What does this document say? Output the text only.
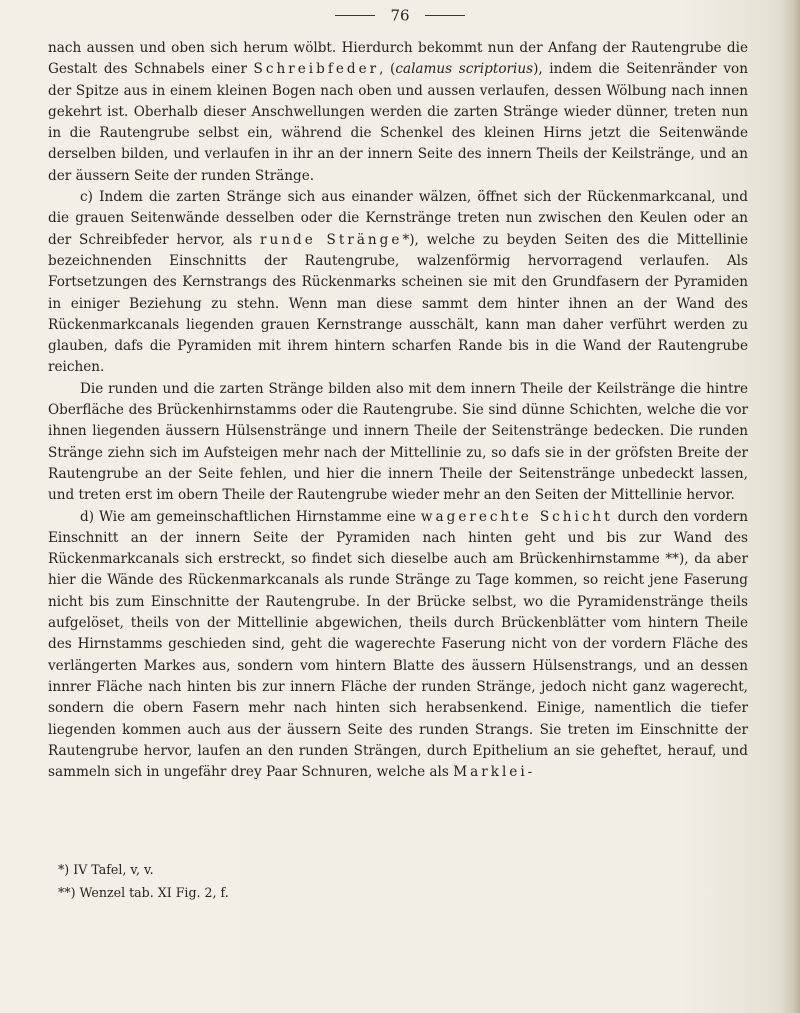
76

nach aussen und oben sich herum wölbt. Hierdurch bekommt nun der Anfang der Rautengrube die Gestalt des Schnabels einer Schreibfeder, (calamus scriptorius), indem die Seitenränder von der Spitze aus in einem kleinen Bogen nach oben und aussen verlaufen, dessen Wölbung nach innen gekehrt ist. Oberhalb dieser Anschwellungen werden die zarten Stränge wieder dünner, treten nun in die Rautengrube selbst ein, während die Schenkel des kleinen Hirns jetzt die Seitenwände derselben bilden, und verlaufen in ihr an der innern Seite des innern Theils der Keilstränge, und an der äussern Seite der runden Stränge.

c) Indem die zarten Stränge sich aus einander wälzen, öffnet sich der Rückenmarkcanal, und die grauen Seitenwände desselben oder die Kernstränge treten nun zwischen den Keulen oder an der Schreibfeder hervor, als runde Stränge*), welche zu beyden Seiten des die Mittellinie bezeichnenden Einschnitts der Rautengrube, walzenförmig hervorragend verlaufen. Als Fortsetzungen des Kernstrangs des Rückenmarks scheinen sie mit den Grundfasern der Pyramiden in einiger Beziehung zu stehn. Wenn man diese sammt dem hinter ihnen an der Wand des Rückenmarkcanals liegenden grauen Kernstrange ausschält, kann man daher verführt werden zu glauben, dafs die Pyramiden mit ihrem hintern scharfen Rande bis in die Wand der Rautengrube reichen.

Die runden und die zarten Stränge bilden also mit dem innern Theile der Keilstränge die hintre Oberfläche des Brückenhirnstamms oder die Rautengrube. Sie sind dünne Schichten, welche die vor ihnen liegenden äussern Hülsenstränge und innern Theile der Seitenstränge bedecken. Die runden Stränge ziehn sich im Aufsteigen mehr nach der Mittellinie zu, so dafs sie in der gröfsten Breite der Rautengrube an der Seite fehlen, und hier die innern Theile der Seitenstränge unbedeckt lassen, und treten erst im obern Theile der Rautengrube wieder mehr an den Seiten der Mittellinie hervor.

d) Wie am gemeinschaftlichen Hirnstamme eine wagerechte Schicht durch den vordern Einschnitt an der innern Seite der Pyramiden nach hinten geht und bis zur Wand des Rückenmarkcanals sich erstreckt, so findet sich dieselbe auch am Brückenhirnstamme **), da aber hier die Wände des Rückenmarkcanals als runde Stränge zu Tage kommen, so reicht jene Faserung nicht bis zum Einschnitte der Rautengrube. In der Brücke selbst, wo die Pyramidenstränge theils aufgelöset, theils von der Mittellinie abgewichen, theils durch Brückenblätter vom hintern Theile des Hirnstamms geschieden sind, geht die wagerechte Faserung nicht von der vordern Fläche des verlängerten Markes aus, sondern vom hintern Blatte des äussern Hülsenstrangs, und an dessen innrer Fläche nach hinten bis zur innern Fläche der runden Stränge, jedoch nicht ganz wagerecht, sondern die obern Fasern mehr nach hinten sich herabsenkend. Einige, namentlich die tiefer liegenden kommen auch aus der äussern Seite des runden Strangs. Sie treten im Einschnitte der Rautengrube hervor, laufen an den runden Strängen, durch Epithelium an sie geheftet, herauf, und sammeln sich in ungefähr drey Paar Schnuren, welche als Marklei-

*) IV Tafel, v, v.
**) Wenzel tab. XI Fig. 2, f.
